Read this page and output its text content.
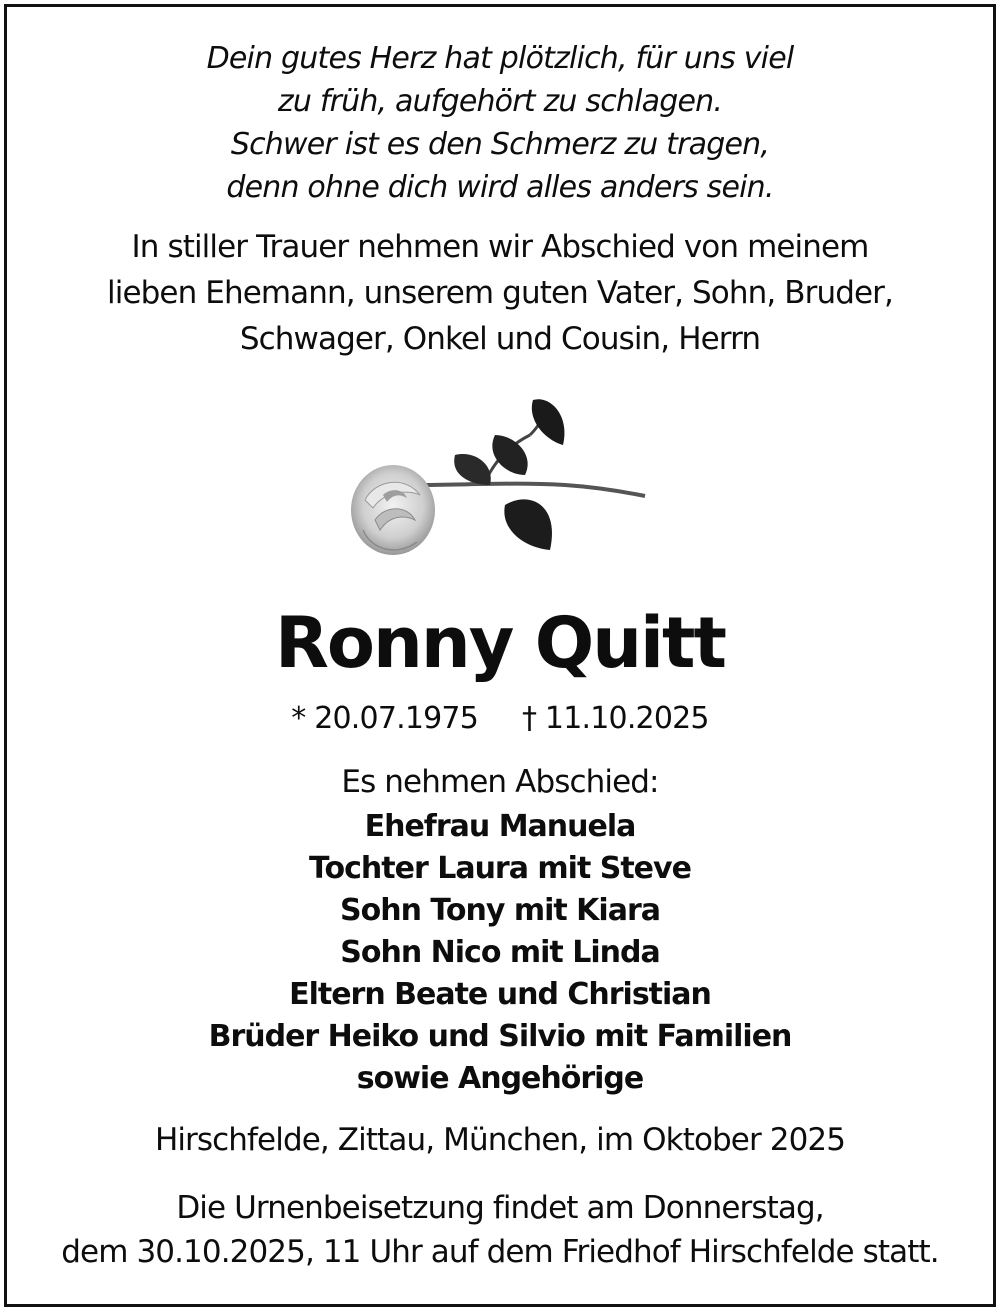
Dein gutes Herz hat plötzlich, für uns viel
zu früh, aufgehört zu schlagen.
Schwer ist es den Schmerz zu tragen,
denn ohne dich wird alles anders sein.
In stiller Trauer nehmen wir Abschied von meinem
lieben Ehemann, unserem guten Vater, Sohn, Bruder,
Schwager, Onkel und Cousin, Herrn
Ronny Quitt
* 20.07.1975 † 11.10.2025
Es nehmen Abschied:
Ehefrau Manuela
Tochter Laura mit Steve
Sohn Tony mit Kiara
Sohn Nico mit Linda
Eltern Beate und Christian
Brüder Heiko und Silvio mit Familien
sowie Angehörige
Hirschfelde, Zittau, München, im Oktober 2025
Die Urnenbeisetzung findet am Donnerstag,
dem 30.10.2025, 11 Uhr auf dem Friedhof Hirschfelde statt.
